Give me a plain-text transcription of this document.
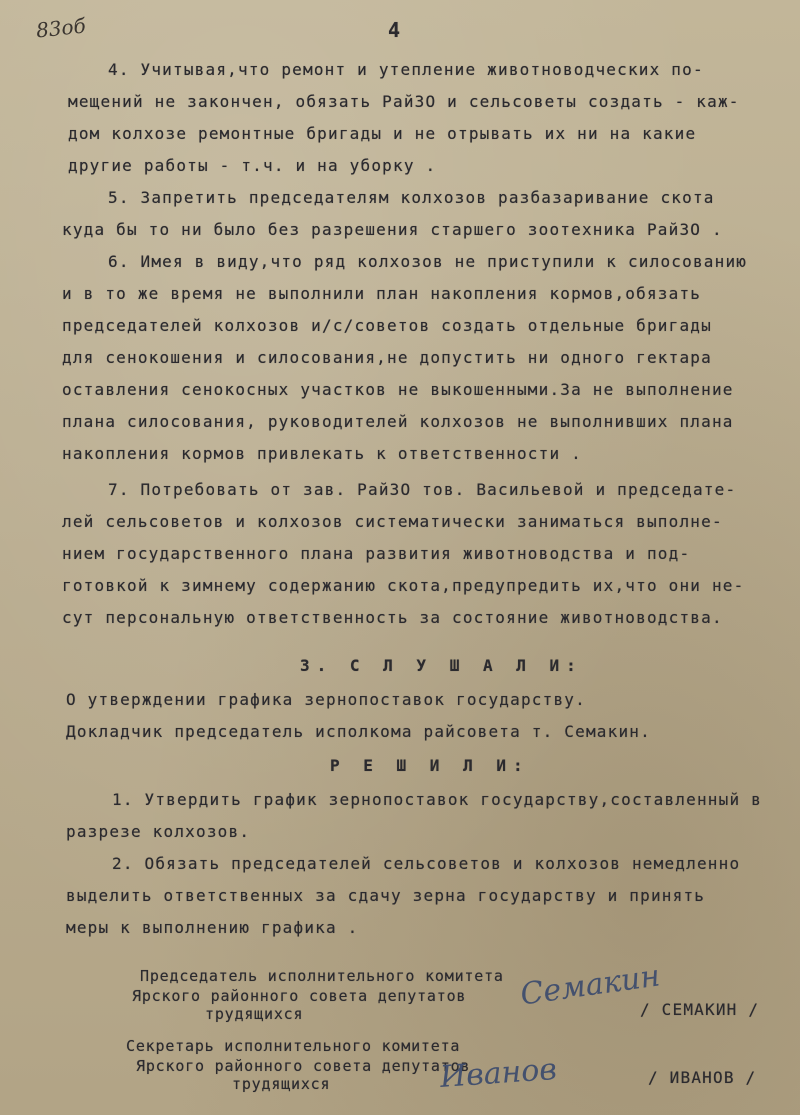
83об	4
4. Учитывая,что ремонт и утепление животноводческих по-
мещений не закончен, обязать РайЗО и сельсоветы создать - каж-
дом колхозе ремонтные бригады и не отрывать их ни на какие
другие работы - т.ч. и на уборку .
5. Запретить председателям колхозов разбазаривание скота
куда бы то ни было без разрешения старшего зоотехника РайЗО .
6. Имея в виду,что ряд колхозов не приступили к силосованию
и в то же время не выполнили план накопления кормов,обязать
председателей колхозов и/с/советов создать отдельные бригады
для сенокошения и силосования,не допустить ни одного гектара
оставления сенокосных участков не выкошенными.За не выполнение
плана силосования, руководителей колхозов не выполнивших плана
накопления кормов привлекать к ответственности .
7. Потребовать от зав. РайЗО тов. Васильевой и председате-
лей сельсоветов и колхозов систематически заниматься выполне-
нием государственного плана развития животноводства и под-
готовкой к зимнему содержанию скота,предупредить их,что они не-
сут персональную ответственность за состояние животноводства.
3. С Л У Ш А Л И:
О утверждении графика зернопоставок государству.
Докладчик председатель исполкома райсовета т. Семакин.
Р Е Ш И Л И:
1. Утвердить график зернопоставок государству,составленный в
разрезе колхозов.
2. Обязать председателей сельсоветов и колхозов немедленно
выделить ответственных за сдачу зерна государству и принять
меры к выполнению графика .
Председатель исполнительного комитета
Ярского районного совета депутатов
трудящихся
Семакин
/ СЕМАКИН /
Секретарь исполнительного комитета
Ярского районного совета депутатов
трудящихся	Иванов	/ ИВАНОВ /
